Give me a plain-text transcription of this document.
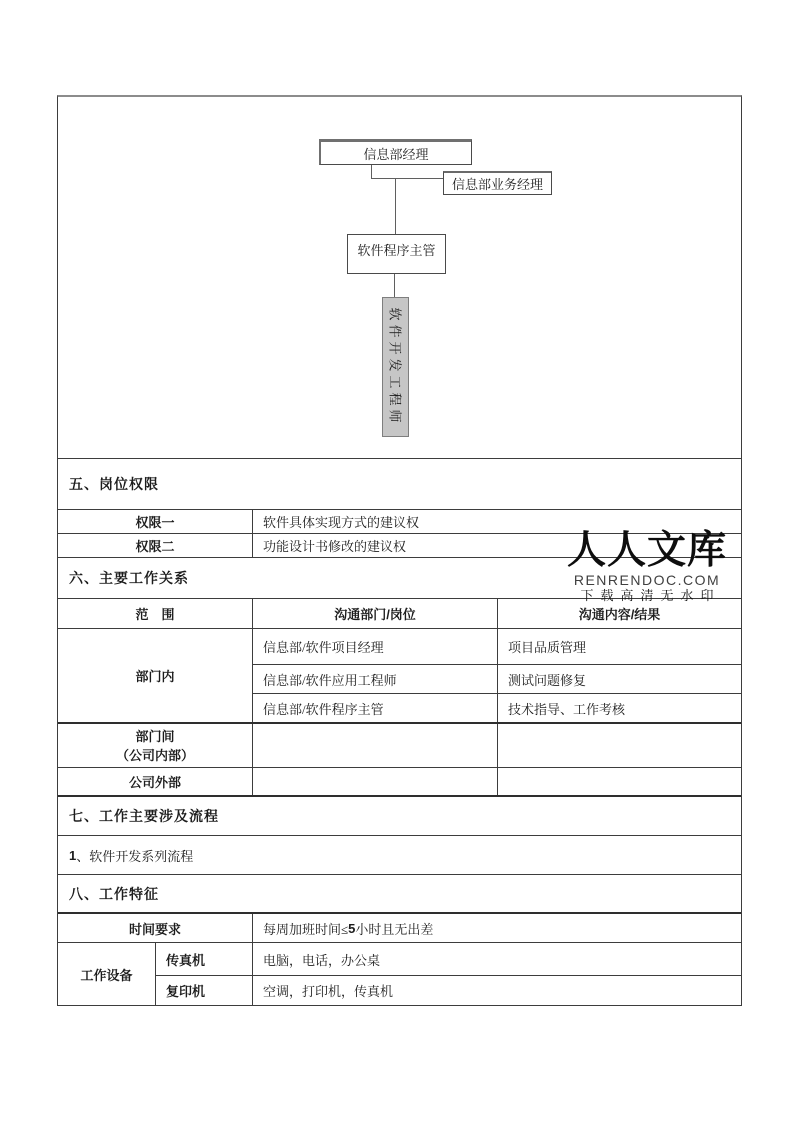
信息部经理
信息部业务经理
软件程序主管
软件开发工程师
五、岗位权限
权限一	软件具体实现方式的建议权
权限二	功能设计书修改的建议权
六、主要工作关系
范　围	沟通部门/岗位	沟通内容/结果
部门内
信息部/软件项目经理	项目品质管理
信息部/软件应用工程师	测试问题修复
信息部/软件程序主管	技术指导、工作考核
部门间
（公司内部）
公司外部
七、工作主要涉及流程
1 、软件开发系列流程
八、工作特征
时间要求	每周加班时间≤ 5 小时且无出差
工作设备
传真机	电脑，电话，办公桌
复印机	空调，打印机，传真机
人人文库
RENRENDOC.COM
下载高清无水印
